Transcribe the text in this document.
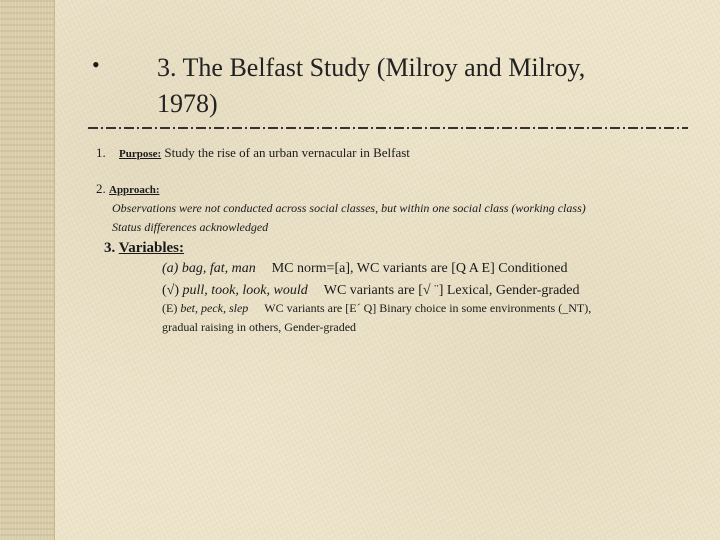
• 3. The Belfast Study (Milroy and Milroy,
1978)
1. Purpose: Study the rise of an urban vernacular in Belfast
2. Approach:
Observations were not conducted across social classes, but within one social class (working class)
Status differences acknowledged
3. Variables:
(a) bag, fat, man MC norm=[a], WC variants are [Q A E] Conditioned
(√) pull, took, look, would WC variants are [√ ¨] Lexical, Gender-graded
(E) bet, peck, slep WC variants are [E´ Q] Binary choice in some environments (_NT),
gradual raising in others, Gender-graded
